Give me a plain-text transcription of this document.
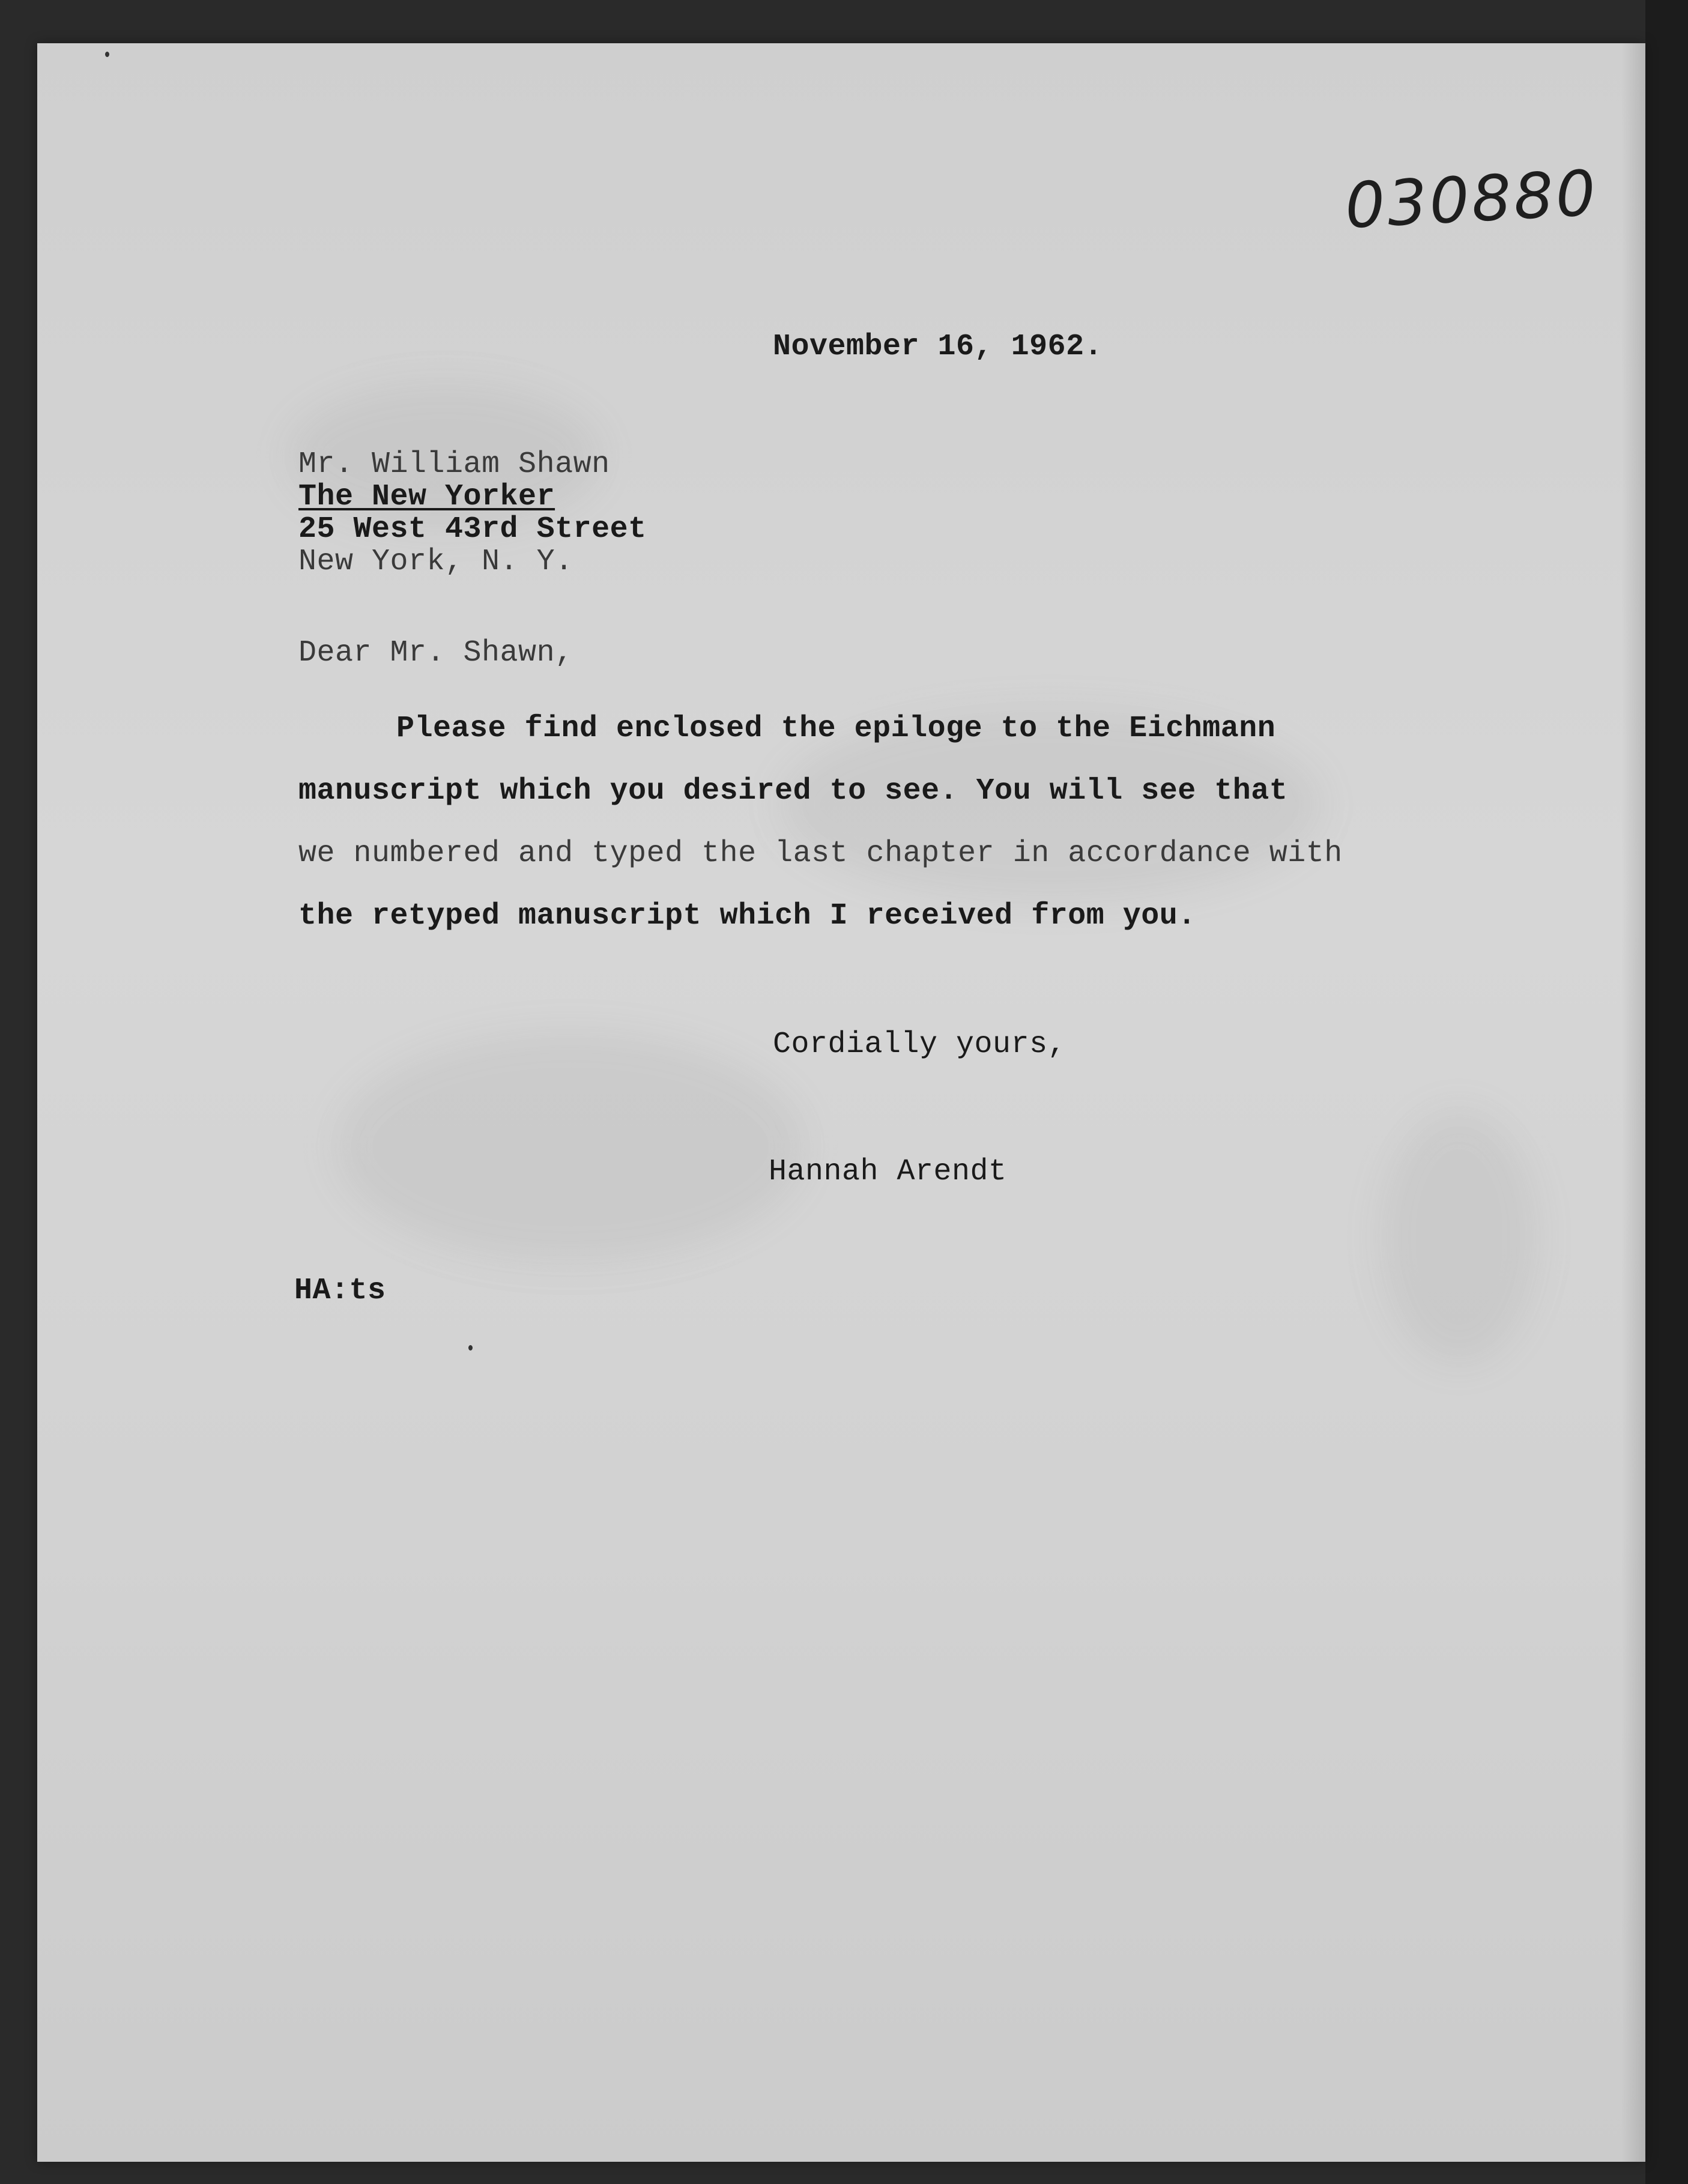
030880
November 16, 1962.
Mr. William Shawn
The New Yorker
25 West 43rd Street
New York, N. Y.
Dear Mr. Shawn,
Please find enclosed the epiloge to the Eichmann
manuscript which you desired to see. You will see that
we numbered and typed the last chapter in accordance with
the retyped manuscript which I received from you.
Cordially yours,
Hannah Arendt
HA:ts
